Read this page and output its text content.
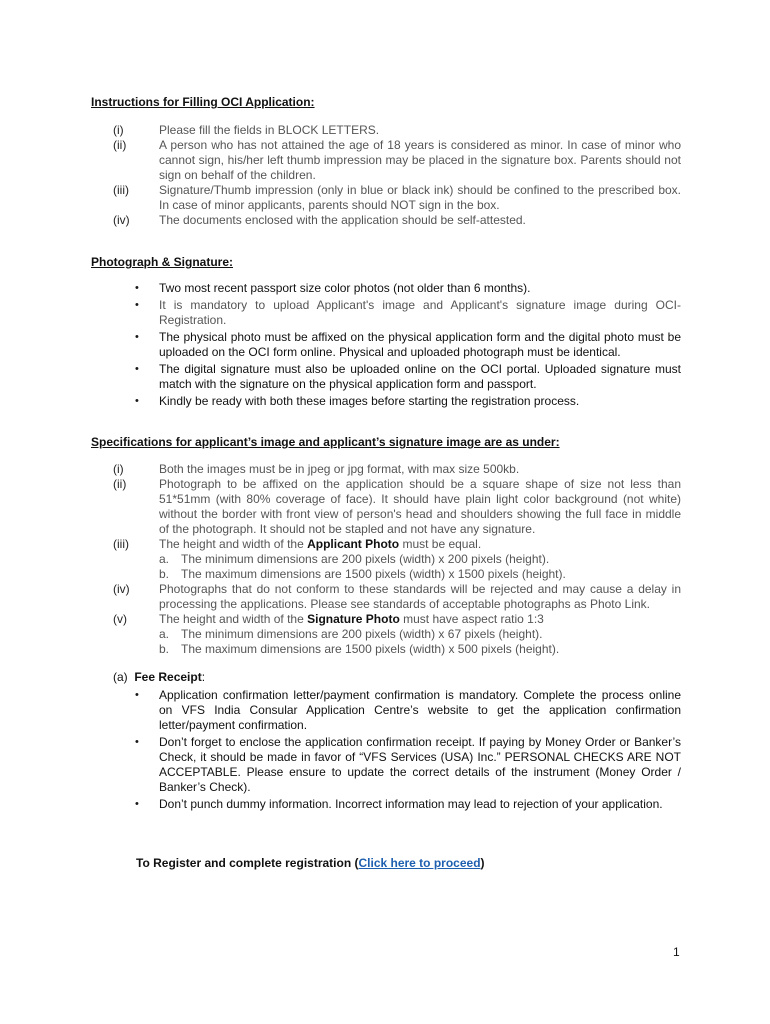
Instructions for Filling OCI Application:
(i)	Please fill the fields in BLOCK LETTERS.
(ii)	A person who has not attained the age of 18 years is considered as minor. In case of minor who cannot sign, his/her left thumb impression may be placed in the signature box. Parents should not sign on behalf of the children.
(iii)	Signature/Thumb impression (only in blue or black ink) should be confined to the prescribed box. In case of minor applicants, parents should NOT sign in the box.
(iv) The documents enclosed with the application should be self-attested.
Photograph & Signature:
•
Two most recent passport size color photos (not older than 6 months).
•
It is mandatory to upload Applicant's image and Applicant's signature image during OCI-Registration.
•
The physical photo must be affixed on the physical application form and the digital photo must be uploaded on the OCI form online. Physical and uploaded photograph must be identical.
•
The digital signature must also be uploaded online on the OCI portal. Uploaded signature must match with the signature on the physical application form and passport.
•
Kindly be ready with both these images before starting the registration process.
Specifications for applicant’s image and applicant’s signature image are as under:
(i)	Both the images must be in jpeg or jpg format, with max size 500kb.
(ii)	Photograph to be affixed on the application should be a square shape of size not less than 51*51mm (with 80% coverage of face). It should have plain light color background (not white) without the border with front view of person's head and shoulders showing the full face in middle of the photograph. It should not be stapled and not have any signature.
(iii)	The height and width of the Applicant Photo must be equal.
a. The minimum dimensions are 200 pixels (width) x 200 pixels (height).
b. The maximum dimensions are 1500 pixels (width) x 1500 pixels (height).
(iv) Photographs that do not conform to these standards will be rejected and may cause a delay in processing the applications. Please see standards of acceptable photographs as Photo Link.
(v)	The height and width of the Signature Photo must have aspect ratio 1:3
a. The minimum dimensions are 200 pixels (width) x 67 pixels (height).
b. The maximum dimensions are 1500 pixels (width) x 500 pixels (height).
(a) Fee Receipt:
•
Application confirmation letter/payment confirmation is mandatory. Complete the process online on VFS India Consular Application Centre’s website to get the application confirmation letter/payment confirmation.
•
Don’t forget to enclose the application confirmation receipt. If paying by Money Order or Banker’s Check, it should be made in favor of “VFS Services (USA) Inc.” PERSONAL CHECKS ARE NOT ACCEPTABLE. Please ensure to update the correct details of the instrument (Money Order / Banker’s Check).
•
Don’t punch dummy information. Incorrect information may lead to rejection of your application.
To Register and complete registration (Click here to proceed)
1
